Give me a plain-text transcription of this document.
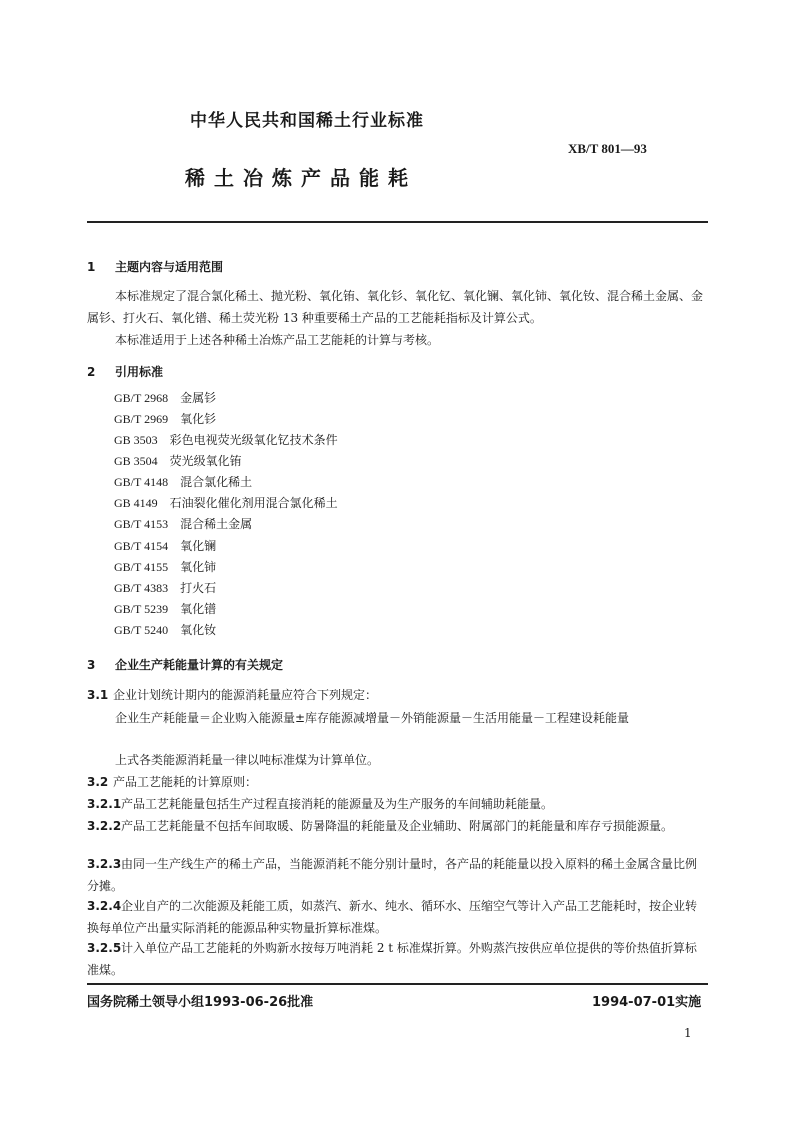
中华人民共和国稀土行业标准
XB/T 801—93
稀土冶炼产品能耗
1 主题内容与适用范围
本标准规定了混合氯化稀土、抛光粉、氧化铕、氧化钐、氧化钇、氧化镧、氧化铈、氧化钕、混合稀土金属、金属钐、打火石、氧化镨、稀土荧光粉 13 种重要稀土产品的工艺能耗指标及计算公式。
本标准适用于上述各种稀土冶炼产品工艺能耗的计算与考核。
2 引用标准
GB/T 2968 金属钐
GB/T 2969 氧化钐
GB 3503 彩色电视荧光级氧化钇技术条件
GB 3504 荧光级氧化铕
GB/T 4148 混合氯化稀土
GB 4149 石油裂化催化剂用混合氯化稀土
GB/T 4153 混合稀土金属
GB/T 4154 氧化镧
GB/T 4155 氧化铈
GB/T 4383 打火石
GB/T 5239 氧化镨
GB/T 5240 氧化钕
3 企业生产耗能量计算的有关规定
3.1 企业计划统计期内的能源消耗量应符合下列规定：
企业生产耗能量＝企业购入能源量±库存能源减增量－外销能源量－生活用能量－工程建设耗能量
上式各类能源消耗量一律以吨标准煤为计算单位。
3.2 产品工艺能耗的计算原则：
3.2.1产品工艺耗能量包括生产过程直接消耗的能源量及为生产服务的车间辅助耗能量。
3.2.2产品工艺耗能量不包括车间取暖、防暑降温的耗能量及企业辅助、附属部门的耗能量和库存亏损能源量。
3.2.3由同一生产线生产的稀土产品，当能源消耗不能分别计量时，各产品的耗能量以投入原料的稀土金属含量比例分摊。
3.2.4企业自产的二次能源及耗能工质，如蒸汽、新水、纯水、循环水、压缩空气等计入产品工艺能耗时，按企业转换每单位产出量实际消耗的能源品种实物量折算标准煤。
3.2.5计入单位产品工艺能耗的外购新水按每万吨消耗 2 t 标准煤折算。外购蒸汽按供应单位提供的等价热值折算标准煤。
国务院稀土领导小组1993-06-26批准	1994-07-01实施
1
